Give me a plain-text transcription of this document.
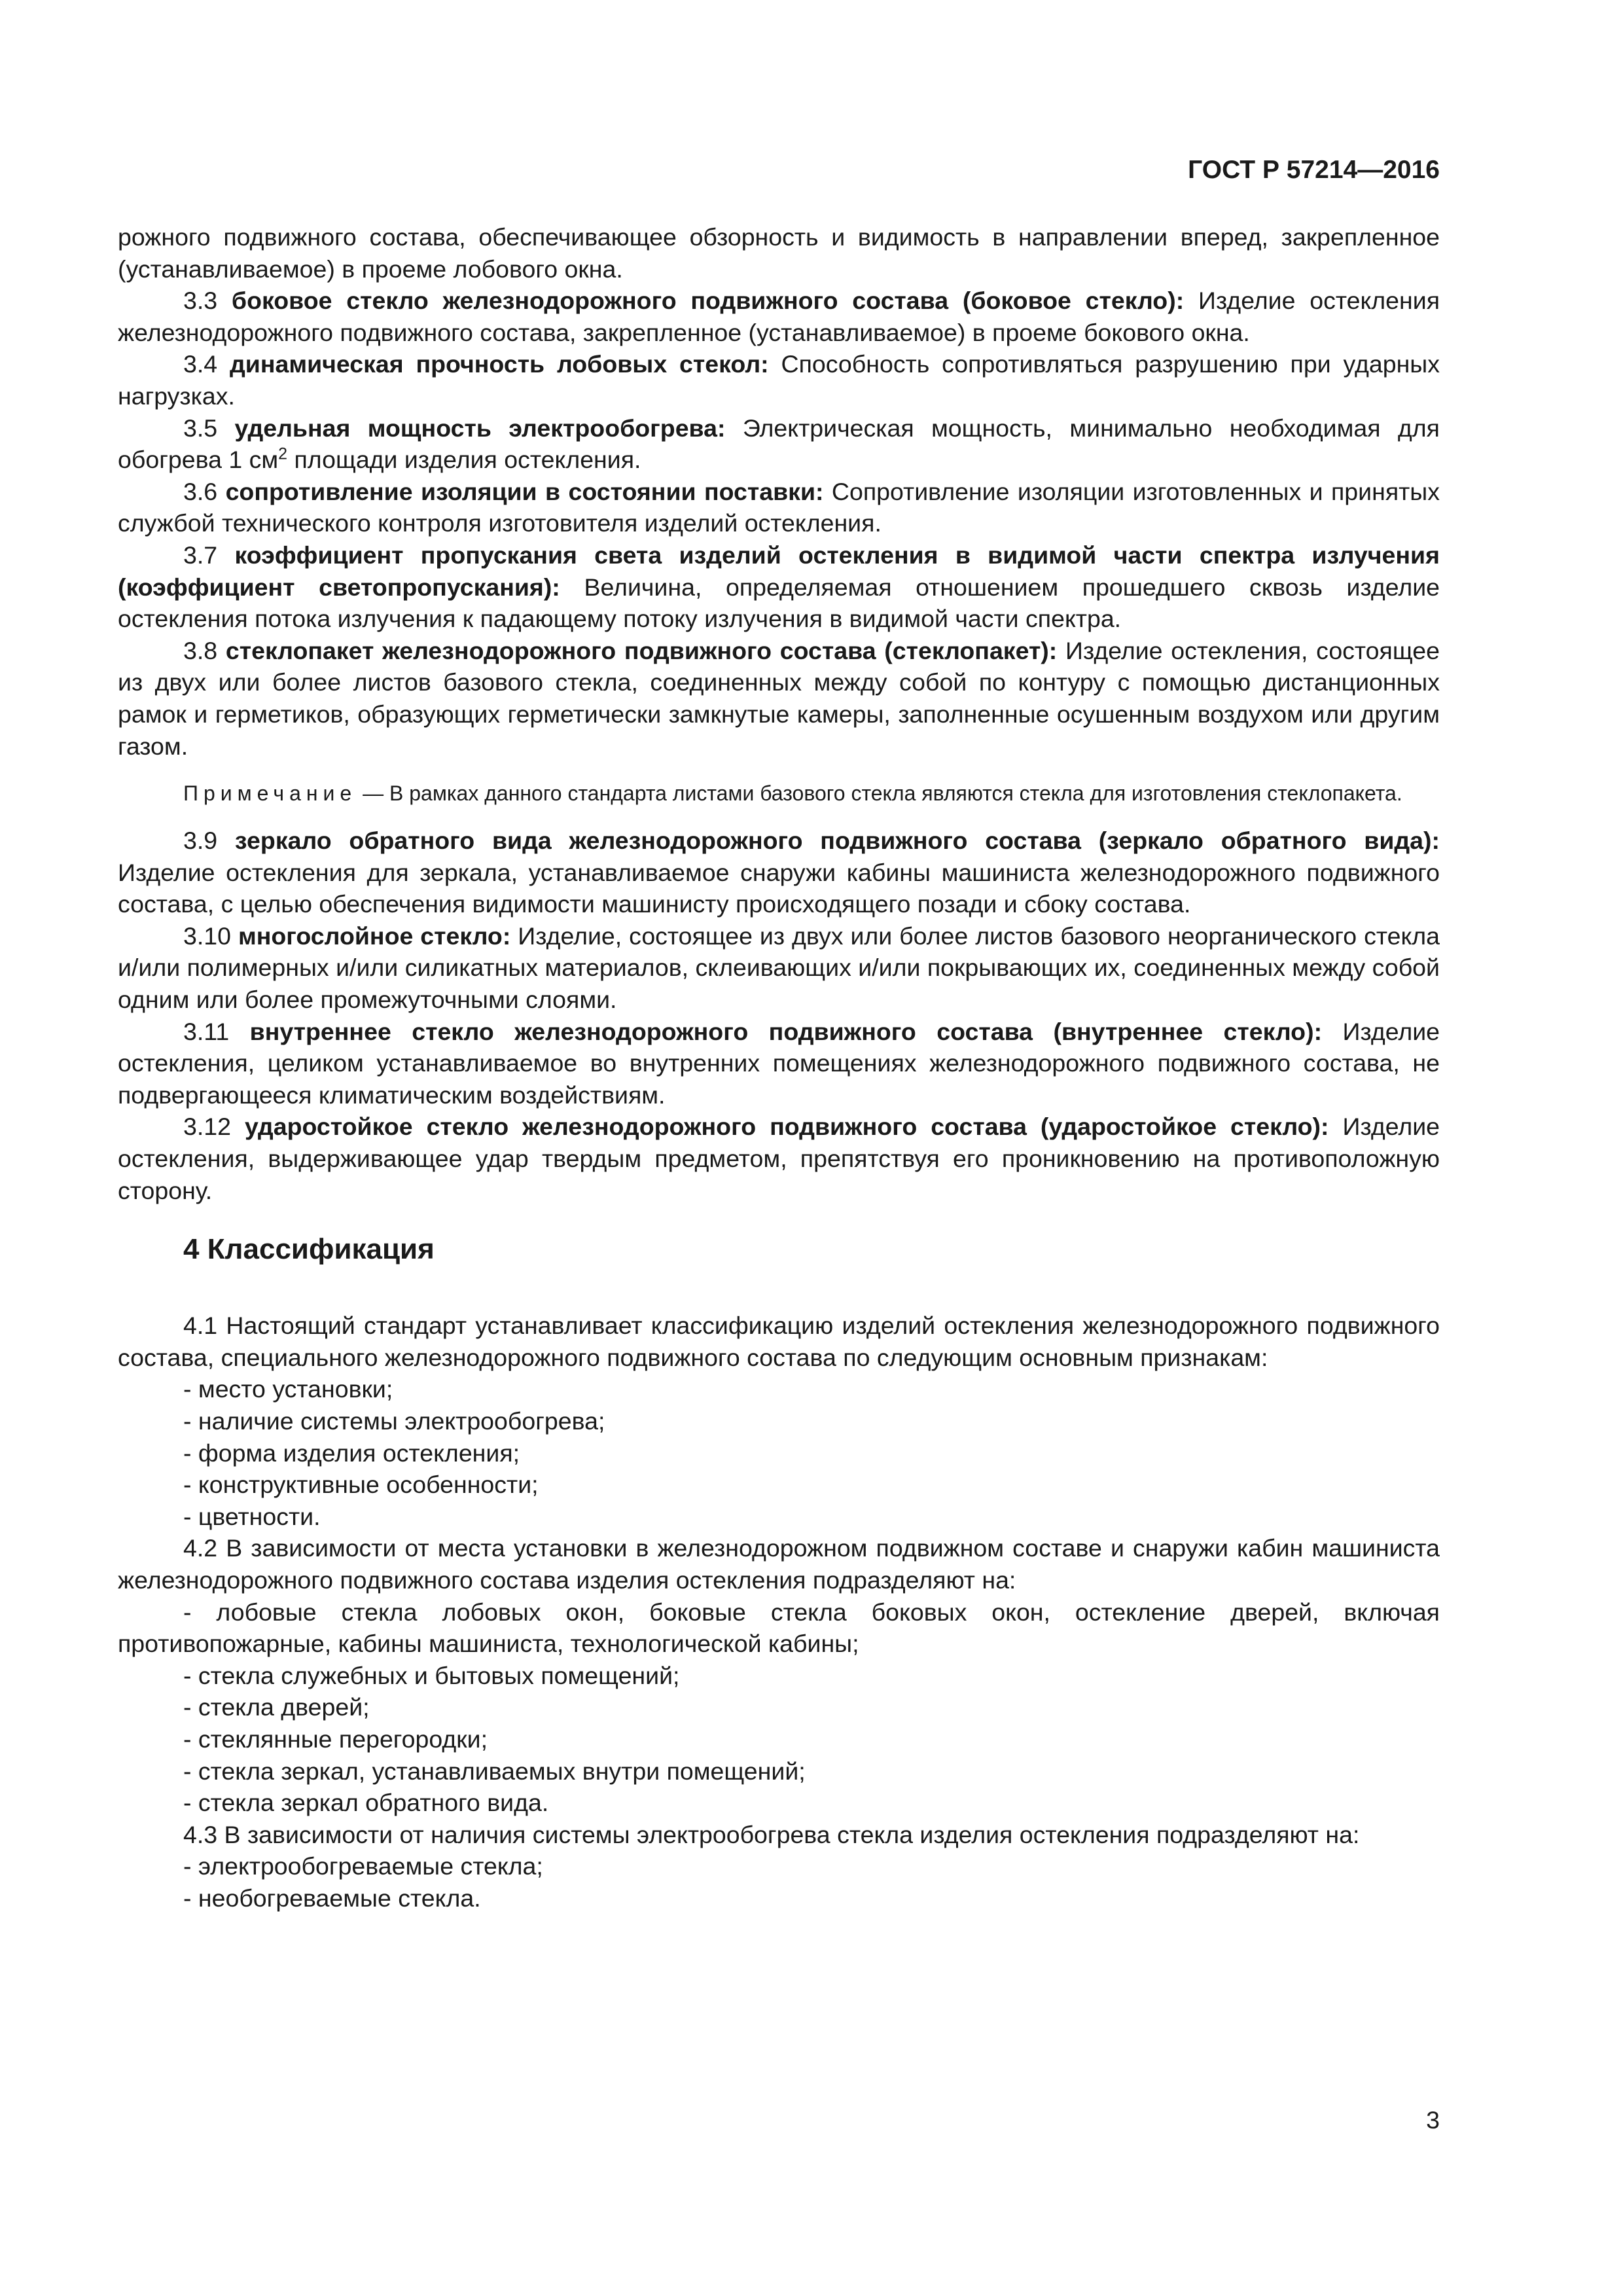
ГОСТ Р 57214—2016

рожного подвижного состава, обеспечивающее обзорность и видимость в направлении вперед, закрепленное (устанавливаемое) в проеме лобового окна.

3.3 боковое стекло железнодорожного подвижного состава (боковое стекло): Изделие остекления железнодорожного подвижного состава, закрепленное (устанавливаемое) в проеме бокового окна.

3.4 динамическая прочность лобовых стекол: Способность сопротивляться разрушению при ударных нагрузках.

3.5 удельная мощность электрообогрева: Электрическая мощность, минимально необходимая для обогрева 1 $см^2$ площади изделия остекления.

3.6 сопротивление изоляции в состоянии поставки: Сопротивление изоляции изготовленных и принятых службой технического контроля изготовителя изделий остекления.

3.7 коэффициент пропускания света изделий остекления в видимой части спектра излучения (коэффициент светопропускания): Величина, определяемая отношением прошедшего сквозь изделие остекления потока излучения к падающему потоку излучения в видимой части спектра.

3.8 стеклопакет железнодорожного подвижного состава (стеклопакет): Изделие остекления, состоящее из двух или более листов базового стекла, соединенных между собой по контуру с помощью дистанционных рамок и герметиков, образующих герметически замкнутые камеры, заполненные осушенным воздухом или другим газом.

Примечание — В рамках данного стандарта листами базового стекла являются стекла для изготовления стеклопакета.

3.9 зеркало обратного вида железнодорожного подвижного состава (зеркало обратного вида): Изделие остекления для зеркала, устанавливаемое снаружи кабины машиниста железнодорожного подвижного состава, с целью обеспечения видимости машинисту происходящего позади и сбоку состава.

3.10 многослойное стекло: Изделие, состоящее из двух или более листов базового неорганического стекла и/или полимерных и/или силикатных материалов, склеивающих и/или покрывающих их, соединенных между собой одним или более промежуточными слоями.

3.11 внутреннее стекло железнодорожного подвижного состава (внутреннее стекло): Изделие остекления, целиком устанавливаемое во внутренних помещениях железнодорожного подвижного состава, не подвергающееся климатическим воздействиям.

3.12 ударостойкое стекло железнодорожного подвижного состава (ударостойкое стекло): Изделие остекления, выдерживающее удар твердым предметом, препятствуя его проникновению на противоположную сторону.

4 Классификация

4.1 Настоящий стандарт устанавливает классификацию изделий остекления железнодорожного подвижного состава, специального железнодорожного подвижного состава по следующим основным признакам:

- место установки;

- наличие системы электрообогрева;

- форма изделия остекления;

- конструктивные особенности;

- цветности.

4.2 В зависимости от места установки в железнодорожном подвижном составе и снаружи кабин машиниста железнодорожного подвижного состава изделия остекления подразделяют на:

- лобовые стекла лобовых окон, боковые стекла боковых окон, остекление дверей, включая противопожарные, кабины машиниста, технологической кабины;

- стекла служебных и бытовых помещений;

- стекла дверей;

- стеклянные перегородки;

- стекла зеркал, устанавливаемых внутри помещений;

- стекла зеркал обратного вида.

4.3 В зависимости от наличия системы электрообогрева стекла изделия остекления подразделяют на:

- электрообогреваемые стекла;

- необогреваемые стекла.

3
